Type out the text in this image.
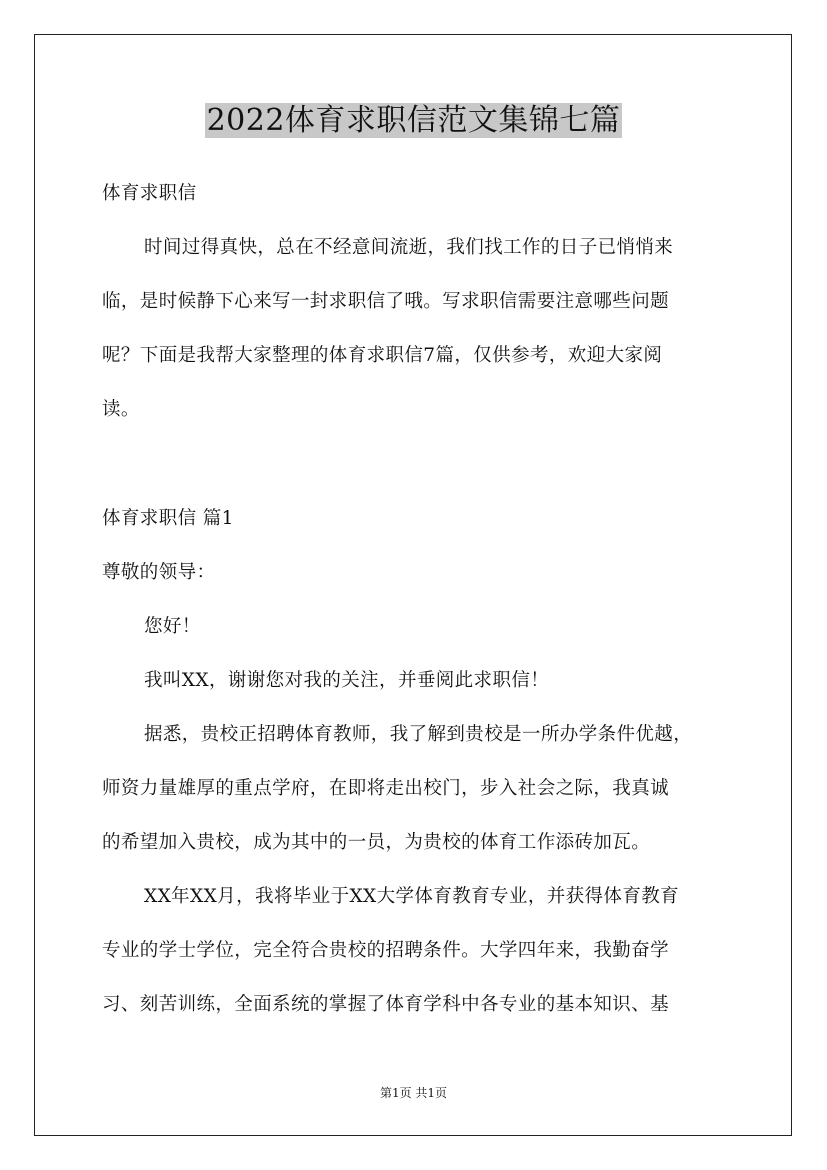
2022体育求职信范文集锦七篇
体育求职信
时间过得真快，总在不经意间流逝，我们找工作的日子已悄悄来
临，是时候静下心来写一封求职信了哦。写求职信需要注意哪些问题
呢？下面是我帮大家整理的体育求职信7篇，仅供参考，欢迎大家阅
读。
体育求职信 篇1
尊敬的领导：
您好！
我叫XX，谢谢您对我的关注，并垂阅此求职信！
据悉，贵校正招聘体育教师，我了解到贵校是一所办学条件优越，
师资力量雄厚的重点学府，在即将走出校门，步入社会之际，我真诚
的希望加入贵校，成为其中的一员，为贵校的体育工作添砖加瓦。
XX年XX月，我将毕业于XX大学体育教育专业，并获得体育教育
专业的学士学位，完全符合贵校的招聘条件。大学四年来，我勤奋学
习、刻苦训练，全面系统的掌握了体育学科中各专业的基本知识、基
第1页 共1页
